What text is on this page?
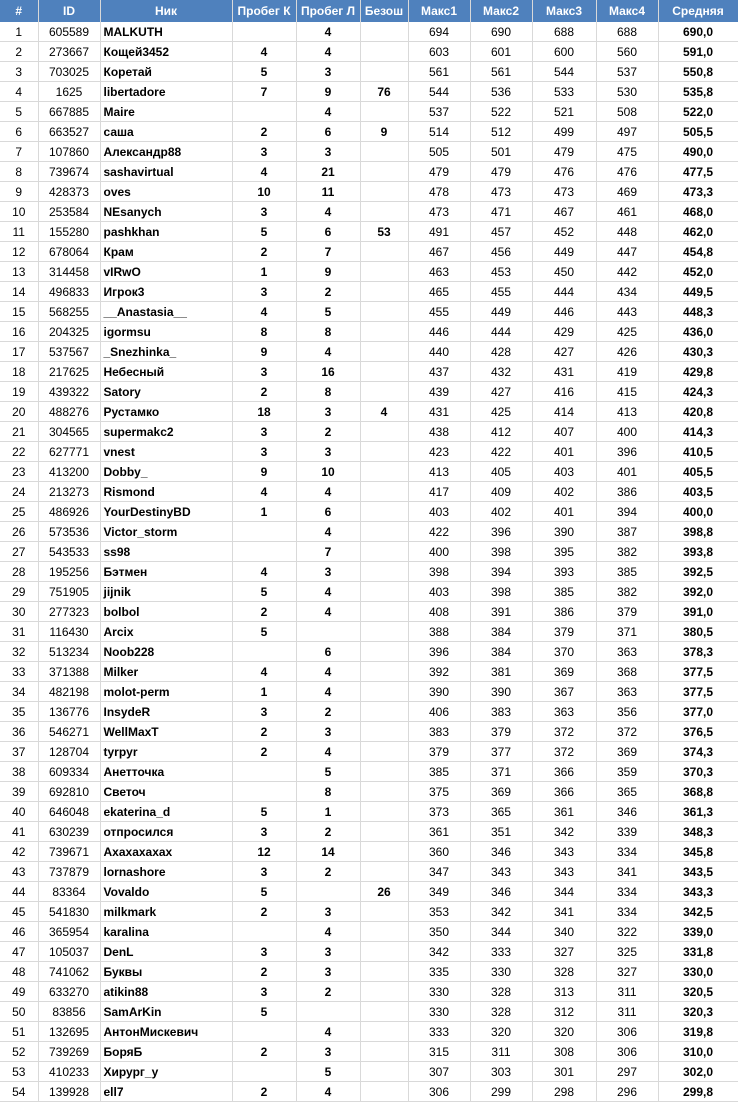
#	ID	Ник	Пробег К	Пробег Л	Безош	Макс1	Макс2	Макс3	Макс4	Средняя
1	605589	MALKUTH		4		694	690	688	688	690,0
2	273667	Кощей3452	4	4		603	601	600	560	591,0
3	703025	Коретай	5	3		561	561	544	537	550,8
4	1625	libertadore	7	9	76	544	536	533	530	535,8
5	667885	Maire		4		537	522	521	508	522,0
6	663527	саша	2	6	9	514	512	499	497	505,5
7	107860	Александр88	3	3		505	501	479	475	490,0
8	739674	sashavirtual	4	21		479	479	476	476	477,5
9	428373	oves	10	11		478	473	473	469	473,3
10	253584	NEsanych	3	4		473	471	467	461	468,0
11	155280	pashkhan	5	6	53	491	457	452	448	462,0
12	678064	Крам	2	7		467	456	449	447	454,8
13	314458	vIRwO	1	9		463	453	450	442	452,0
14	496833	Игрок3	3	2		465	455	444	434	449,5
15	568255	__Anastasia__	4	5		455	449	446	443	448,3
16	204325	igormsu	8	8		446	444	429	425	436,0
17	537567	_Snezhinka_	9	4		440	428	427	426	430,3
18	217625	Небесный	3	16		437	432	431	419	429,8
19	439322	Satory	2	8		439	427	416	415	424,3
20	488276	Рустамко	18	3	4	431	425	414	413	420,8
21	304565	supermakc2	3	2		438	412	407	400	414,3
22	627771	vnest	3	3		423	422	401	396	410,5
23	413200	Dobby_	9	10		413	405	403	401	405,5
24	213273	Rismond	4	4		417	409	402	386	403,5
25	486926	YourDestinyBD	1	6		403	402	401	394	400,0
26	573536	Victor_storm		4		422	396	390	387	398,8
27	543533	ss98		7		400	398	395	382	393,8
28	195256	Бэтмен	4	3		398	394	393	385	392,5
29	751905	jijnik	5	4		403	398	385	382	392,0
30	277323	bolbol	2	4		408	391	386	379	391,0
31	116430	Arcix	5			388	384	379	371	380,5
32	513234	Noob228		6		396	384	370	363	378,3
33	371388	Milker	4	4		392	381	369	368	377,5
34	482198	molot-perm	1	4		390	390	367	363	377,5
35	136776	InsydeR	3	2		406	383	363	356	377,0
36	546271	WellMaxT	2	3		383	379	372	372	376,5
37	128704	tyrpyr	2	4		379	377	372	369	374,3
38	609334	Анетточка		5		385	371	366	359	370,3
39	692810	Светоч		8		375	369	366	365	368,8
40	646048	ekaterina_d	5	1		373	365	361	346	361,3
41	630239	отпросился	3	2		361	351	342	339	348,3
42	739671	Ахахахахах	12	14		360	346	343	334	345,8
43	737879	lornashore	3	2		347	343	343	341	343,5
44	83364	Vovaldo	5		26	349	346	344	334	343,3
45	541830	milkmark	2	3		353	342	341	334	342,5
46	365954	karalina		4		350	344	340	322	339,0
47	105037	DenL	3	3		342	333	327	325	331,8
48	741062	Буквы	2	3		335	330	328	327	330,0
49	633270	atikin88	3	2		330	328	313	311	320,5
50	83856	SamArKin	5			330	328	312	311	320,3
51	132695	АнтонМискевич		4		333	320	320	306	319,8
52	739269	БоряБ	2	3		315	311	308	306	310,0
53	410233	Хирург_у		5		307	303	301	297	302,0
54	139928	ell7	2	4		306	299	298	296	299,8
